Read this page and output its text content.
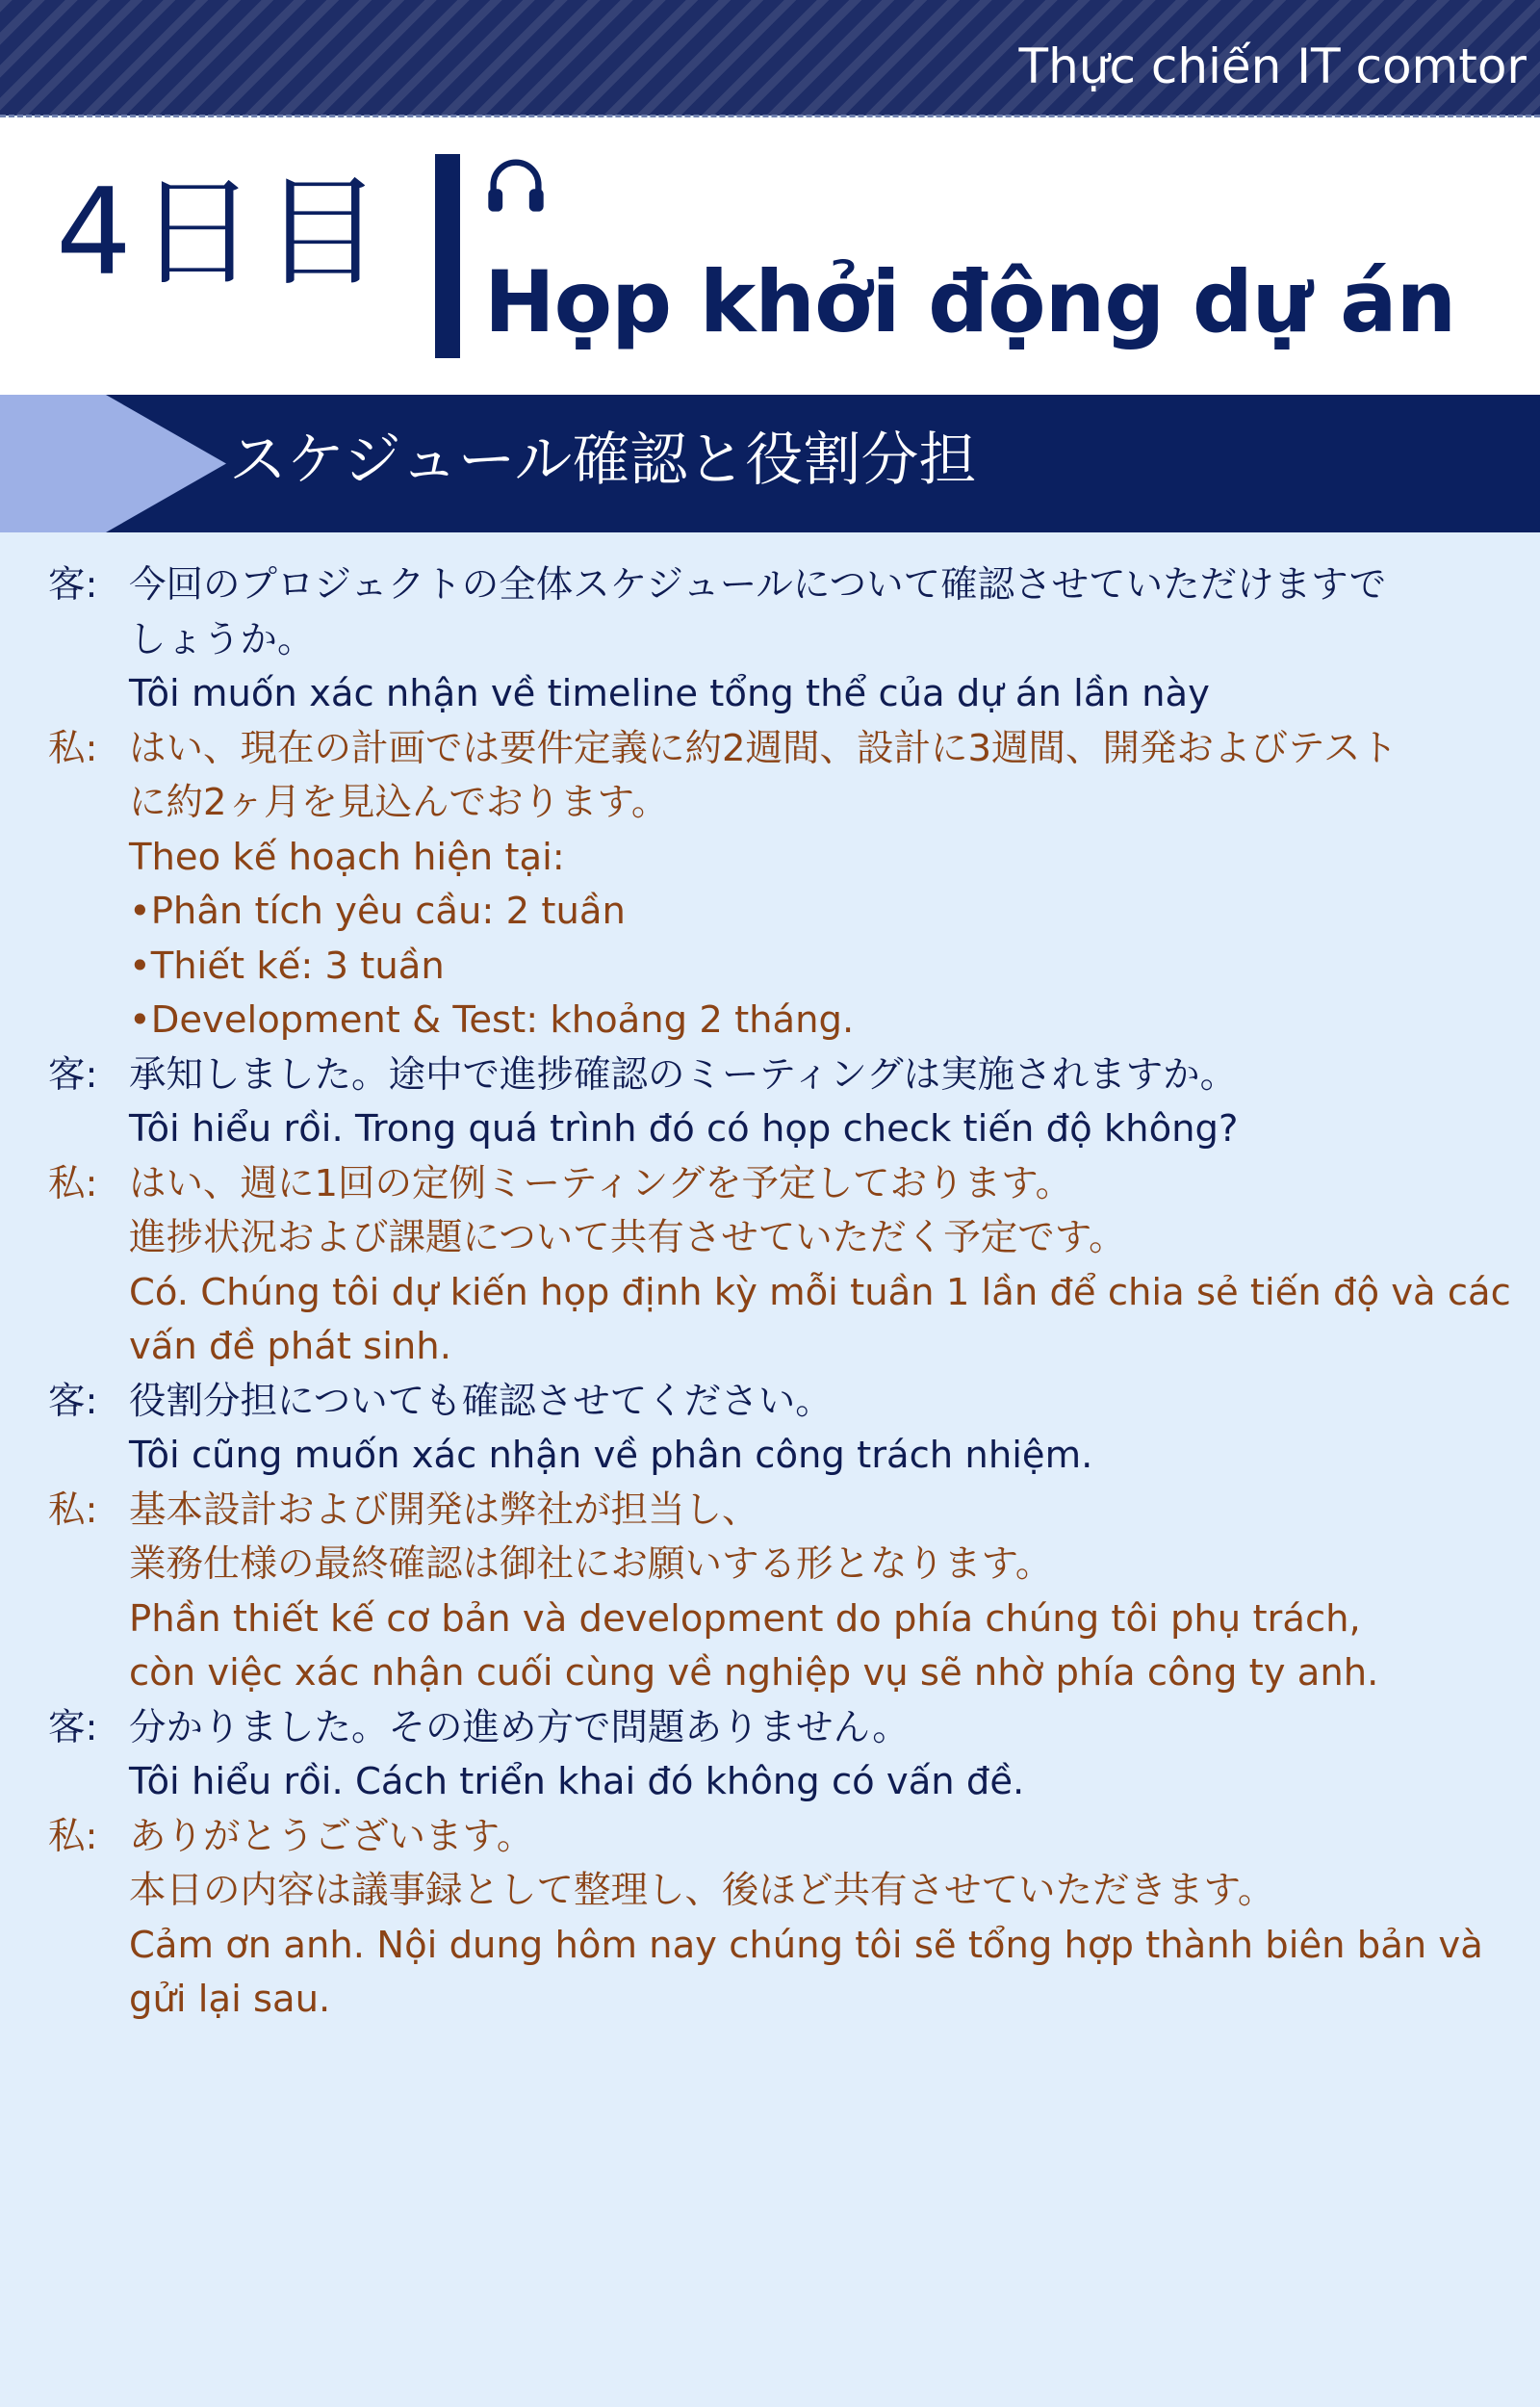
Thực chiến IT comtor
4日目 Họp khởi động dự án
スケジュール確認と役割分担
客: 今回のプロジェクトの全体スケジュールについて確認させていただけますで
しょうか。
Tôi muốn xác nhận về timeline tổng thể của dự án lần này
私: はい、現在の計画では要件定義に約2週間、設計に3週間、開発およびテスト
に約2ヶ月を見込んでおります。
Theo kế hoạch hiện tại:
•Phân tích yêu cầu: 2 tuần
•Thiết kế: 3 tuần
•Development & Test: khoảng 2 tháng.
客: 承知しました。途中で進捗確認のミーティングは実施されますか。
Tôi hiểu rồi. Trong quá trình đó có họp check tiến độ không?
私: はい、週に1回の定例ミーティングを予定しております。
進捗状況および課題について共有させていただく予定です。
Có. Chúng tôi dự kiến họp định kỳ mỗi tuần 1 lần để chia sẻ tiến độ và các
vấn đề phát sinh.
客: 役割分担についても確認させてください。
Tôi cũng muốn xác nhận về phân công trách nhiệm.
私: 基本設計および開発は弊社が担当し、
業務仕様の最終確認は御社にお願いする形となります。
Phần thiết kế cơ bản và development do phía chúng tôi phụ trách,
còn việc xác nhận cuối cùng về nghiệp vụ sẽ nhờ phía công ty anh.
客: 分かりました。その進め方で問題ありません。
Tôi hiểu rồi. Cách triển khai đó không có vấn đề.
私: ありがとうございます。
本日の内容は議事録として整理し、後ほど共有させていただきます。
Cảm ơn anh. Nội dung hôm nay chúng tôi sẽ tổng hợp thành biên bản và
gửi lại sau.
